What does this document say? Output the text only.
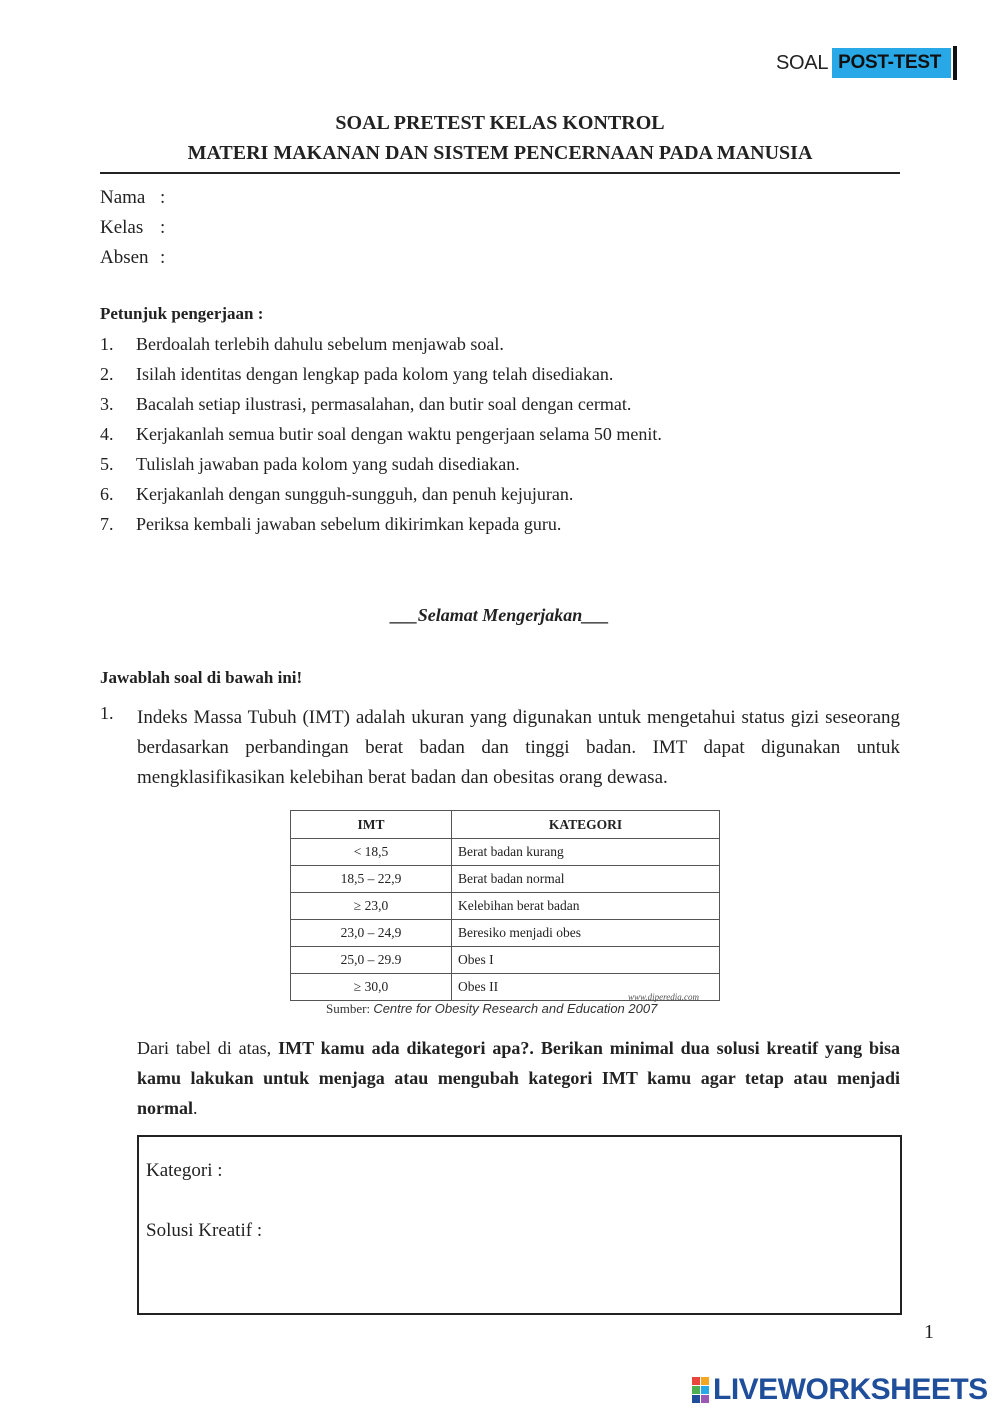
SOAL POST-TEST
SOAL PRETEST KELAS KONTROL
MATERI MAKANAN DAN SISTEM PENCERNAAN PADA MANUSIA
Nama :
Kelas :
Absen :
Petunjuk pengerjaan :
1. Berdoalah terlebih dahulu sebelum menjawab soal.
2. Isilah identitas dengan lengkap pada kolom yang telah disediakan.
3. Bacalah setiap ilustrasi, permasalahan, dan butir soal dengan cermat.
4. Kerjakanlah semua butir soal dengan waktu pengerjaan selama 50 menit.
5. Tulislah jawaban pada kolom yang sudah disediakan.
6. Kerjakanlah dengan sungguh-sungguh, dan penuh kejujuran.
7. Periksa kembali jawaban sebelum dikirimkan kepada guru.
___Selamat Mengerjakan___
Jawablah soal di bawah ini!
1. Indeks Massa Tubuh (IMT) adalah ukuran yang digunakan untuk mengetahui status gizi seseorang berdasarkan perbandingan berat badan dan tinggi badan. IMT dapat digunakan untuk mengklasifikasikan kelebihan berat badan dan obesitas orang dewasa.
IMT	KATEGORI
< 18,5	Berat badan kurang
18,5 – 22,9	Berat badan normal
≥ 23,0	Kelebihan berat badan
23,0 – 24,9	Beresiko menjadi obes
25,0 – 29.9	Obes I
≥ 30,0	Obes II
www.diperedia.com
Sumber: Centre for Obesity Research and Education 2007
Dari tabel di atas, IMT kamu ada dikategori apa?. Berikan minimal dua solusi kreatif yang bisa kamu lakukan untuk menjaga atau mengubah kategori IMT kamu agar tetap atau menjadi normal.
Kategori :
Solusi Kreatif :
1
LIVEWORKSHEETS
